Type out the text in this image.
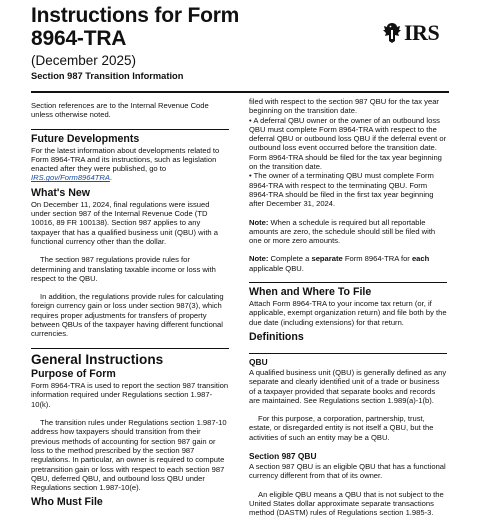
Instructions for Form
8964-TRA
(December 2025)
Section 987 Transition Information
IRS

Section references are to the Internal Revenue Code unless otherwise noted.

Future Developments

For the latest information about developments related to Form 8964-TRA and its instructions, such as legislation enacted after they were published, go to IRS.gov/Form8964TRA.

What's New

On December 11, 2024, final regulations were issued under section 987 of the Internal Revenue Code (TD 10016, 89 FR 100138). Section 987 applies to any taxpayer that has a qualified business unit (QBU) with a functional currency other than the dollar.

The section 987 regulations provide rules for determining and translating taxable income or loss with respect to the QBU.

In addition, the regulations provide rules for calculating foreign currency gain or loss under section 987(3), which requires proper adjustments for transfers of property between QBUs of the taxpayer having different functional currencies.

General Instructions
Purpose of Form

Form 8964-TRA is used to report the section 987 transition information required under Regulations section 1.987-10(k).

The transition rules under Regulations section 1.987-10 address how taxpayers should transition from their previous methods of accounting for section 987 gain or loss to the method prescribed by the section 987 regulations. In particular, an owner is required to compute pretransition gain or loss with respect to each section 987 QBU, deferred QBU, and outbound loss QBU under Regulations section 1.987-10(e).

Who Must File

filed with respect to the section 987 QBU for the tax year beginning on the transition date.

• A deferral QBU owner or the owner of an outbound loss QBU must complete Form 8964-TRA with respect to the deferral QBU or outbound loss QBU if the deferral event or outbound loss event occurred before the transition date. Form 8964-TRA should be filed for the tax year beginning on the transition date.

• The owner of a terminating QBU must complete Form 8964-TRA with respect to the terminating QBU. Form 8964-TRA should be filed in the first tax year beginning after December 31, 2024.

Note: When a schedule is required but all reportable amounts are zero, the schedule should still be filed with one or more zero amounts.

Note: Complete a separate Form 8964-TRA for each applicable QBU.

When and Where To File

Attach Form 8964-TRA to your income tax return (or, if applicable, exempt organization return) and file both by the due date (including extensions) for that return.

Definitions
QBU

A qualified business unit (QBU) is generally defined as any separate and clearly identified unit of a trade or business of a taxpayer provided that separate books and records are maintained. See Regulations section 1.989(a)-1(b).

For this purpose, a corporation, partnership, trust, estate, or disregarded entity is not itself a QBU, but the activities of such an entity may be a QBU.

Section 987 QBU

A section 987 QBU is an eligible QBU that has a functional currency different from that of its owner.

An eligible QBU means a QBU that is not subject to the United States dollar approximate separate transactions method (DASTM) rules of Regulations section 1.985-3.
